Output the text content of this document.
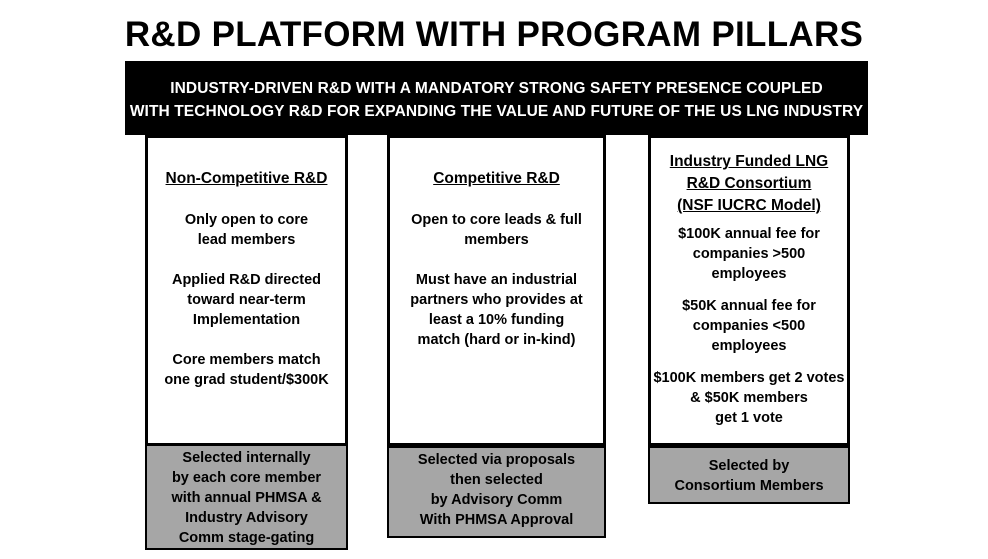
R&D PLATFORM WITH PROGRAM PILLARS
INDUSTRY-DRIVEN R&D WITH A MANDATORY STRONG SAFETY PRESENCE COUPLED
WITH TECHNOLOGY R&D FOR EXPANDING THE VALUE AND FUTURE OF THE US LNG INDUSTRY
Non-Competitive R&D
Only open to core
lead members
Applied R&D directed
toward near-term
Implementation
Core members match
one grad student/$300K
Selected internally
by each core member
with annual PHMSA &
Industry Advisory
Comm stage-gating
Competitive R&D
Open to core leads & full
members
Must have an industrial
partners who provides at
least a 10% funding
match (hard or in-kind)
Selected via proposals
then selected
by Advisory Comm
With PHMSA Approval
Industry Funded LNG
R&D Consortium
(NSF IUCRC Model)
$100K annual fee for
companies >500
employees
$50K annual fee for
companies <500
employees
$100K members get 2 votes
& $50K members
get 1 vote
Selected by
Consortium Members
